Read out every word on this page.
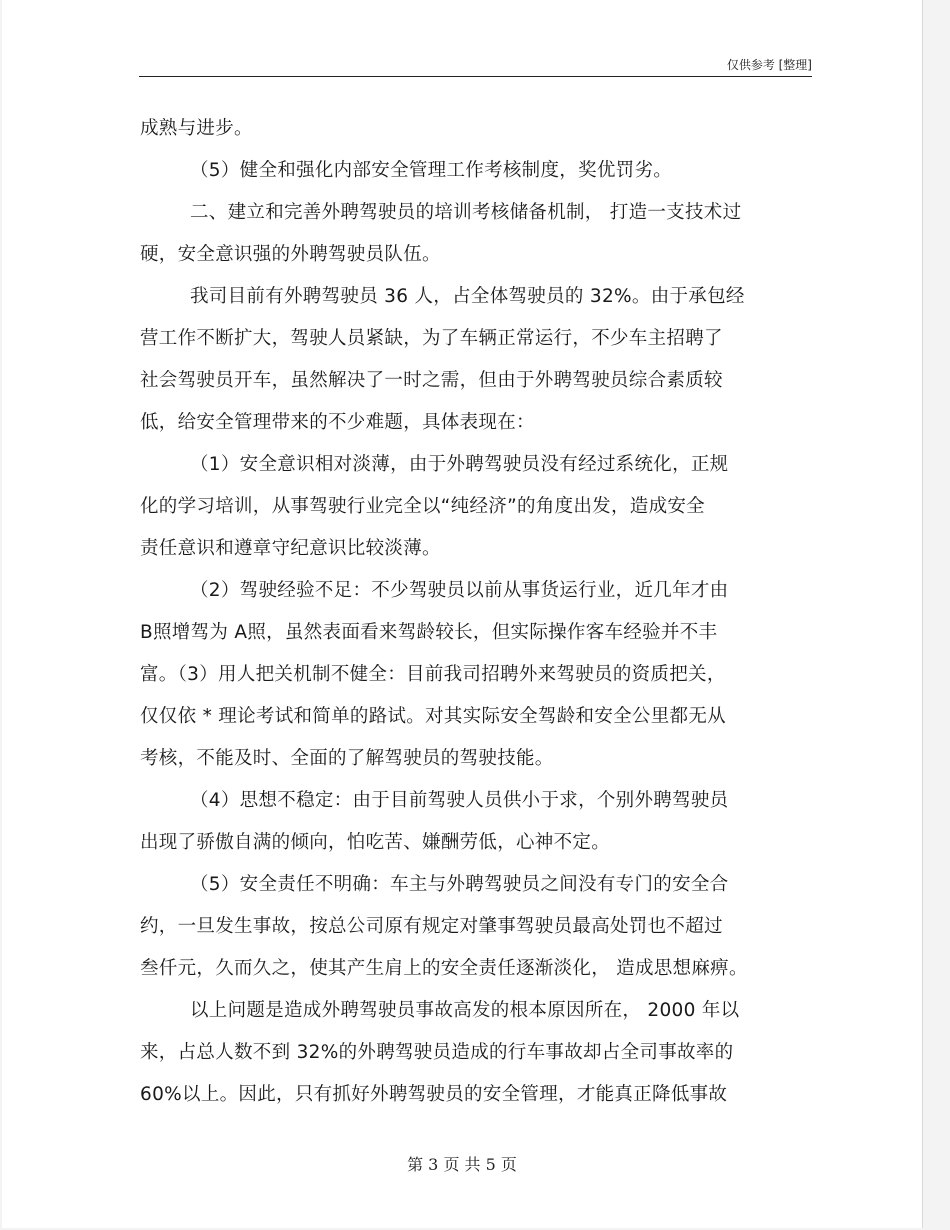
仅供参考 [整理]
成熟与进步。
（5）健全和强化内部安全管理工作考核制度，奖优罚劣。
二、建立和完善外聘驾驶员的培训考核储备机制， 打造一支技术过
硬，安全意识强的外聘驾驶员队伍。
我司目前有外聘驾驶员 36 人，占全体驾驶员的 32%。由于承包经
营工作不断扩大，驾驶人员紧缺，为了车辆正常运行，不少车主招聘了
社会驾驶员开车，虽然解决了一时之需，但由于外聘驾驶员综合素质较
低，给安全管理带来的不少难题，具体表现在：
（1）安全意识相对淡薄，由于外聘驾驶员没有经过系统化，正规
化的学习培训，从事驾驶行业完全以“纯经济”的角度出发，造成安全
责任意识和遵章守纪意识比较淡薄。
（2）驾驶经验不足：不少驾驶员以前从事货运行业，近几年才由
B照增驾为 A照，虽然表面看来驾龄较长，但实际操作客车经验并不丰
富。（3）用人把关机制不健全：目前我司招聘外来驾驶员的资质把关，
仅仅依 * 理论考试和简单的路试。对其实际安全驾龄和安全公里都无从
考核，不能及时、全面的了解驾驶员的驾驶技能。
（4）思想不稳定：由于目前驾驶人员供小于求，个别外聘驾驶员
出现了骄傲自满的倾向，怕吃苦、嫌酬劳低，心神不定。
（5）安全责任不明确：车主与外聘驾驶员之间没有专门的安全合
约，一旦发生事故，按总公司原有规定对肇事驾驶员最高处罚也不超过
叁仟元，久而久之，使其产生肩上的安全责任逐渐淡化， 造成思想麻痹。
以上问题是造成外聘驾驶员事故高发的根本原因所在， 2000 年以
来，占总人数不到 32%的外聘驾驶员造成的行车事故却占全司事故率的
60%以上。因此，只有抓好外聘驾驶员的安全管理，才能真正降低事故
第 3 页 共 5 页
